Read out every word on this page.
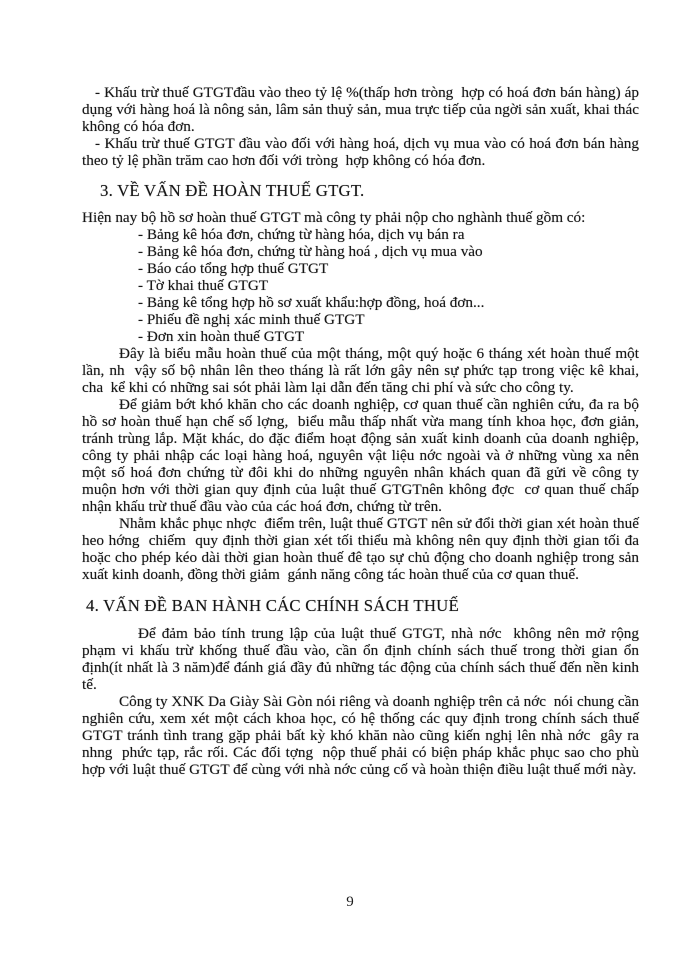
- Khấu trừ thuế GTGTđầu vào theo tỷ lệ %(thấp hơn tròng  hợp có hoá đơn bán hàng) áp dụng với hàng hoá là nông sản, lâm sản thuỷ sản, mua trực tiếp của ngời sản xuất, khai thác không có hóa đơn.

- Khấu trừ thuế GTGT đầu vào đối với hàng hoá, dịch vụ mua vào có hoá đơn bán hàng theo tỷ lệ phần trăm cao hơn đối với tròng  hợp không có hóa đơn.

3. VỀ VẤN ĐỀ HOÀN THUẾ GTGT.

Hiện nay bộ hồ sơ hoàn thuế GTGT mà công ty phải nộp cho nghành thuế gồm có:

- Bảng kê hóa đơn, chứng từ hàng hóa, dịch vụ bán ra
- Bảng kê hóa đơn, chứng từ hàng hoá , dịch vụ mua vào
- Báo cáo tổng hợp thuế GTGT
- Tờ khai thuế GTGT
- Bảng kê tổng hợp hồ sơ xuất khẩu:hợp đồng, hoá đơn...
- Phiếu đề nghị xác minh thuế GTGT
- Đơn xin hoàn thuế GTGT

Đây là biểu mẫu hoàn thuế của một tháng, một quý hoặc 6 tháng xét hoàn thuế một lần, nh  vậy số bộ nhân lên theo tháng là rất lớn gây nên sự phức tạp trong việc kê khai, cha  kể khi có những sai sót phải làm lại dẫn đến tăng chi phí và sức cho công ty.

Để giảm bớt khó khăn cho các doanh nghiệp, cơ quan thuế cần nghiên cứu, đa ra bộ hồ sơ hoàn thuế hạn chế số lợng,  biểu mẫu thấp nhất vừa mang tính khoa học, đơn giản, tránh trùng lắp. Mặt khác, do đặc điểm hoạt động sản xuất kinh doanh của doanh nghiệp, công ty phải nhập các loại hàng hoá, nguyên vật liệu nớc ngoài và ở những vùng xa nên một số hoá đơn chứng từ đôi khi do những nguyên nhân khách quan đã gửi về công ty muộn hơn với thời gian quy định của luật thuế GTGTnên không đợc  cơ quan thuế chấp nhận khấu trừ thuế đầu vào của các hoá đơn, chứng từ trên.

Nhằm khắc phục nhợc  điểm trên, luật thuế GTGT nên sử đổi thời gian xét hoàn thuế heo hớng  chiếm  quy định thời gian xét tối thiểu mà không nên quy định thời gian tối đa hoặc cho phép kéo dài thời gian hoàn thuế đê tạo sự chủ động cho doanh nghiệp trong sản xuất kinh doanh, đồng thời giảm  gánh năng công tác hoàn thuế của cơ quan thuế.

4. VẤN ĐỀ BAN HÀNH CÁC CHÍNH SÁCH THUẾ

Để đảm bảo tính trung lập của luật thuế GTGT, nhà nớc  không nên mở rộng phạm vi khấu trừ khống thuế đầu vào, cần ổn định chính sách thuế trong thời gian ổn định(ít nhất là 3 năm)để đánh giá đầy đủ những tác động của chính sách thuế đến nền kinh tế.

Công ty XNK Da Giày Sài Gòn nói riêng và doanh nghiệp trên cả nớc  nói chung cần nghiên cứu, xem xét một cách khoa học, có hệ thống các quy định trong chính sách thuế GTGT tránh tình trang gặp phải bất kỳ khó khăn nào cũng kiến nghị lên nhà nớc  gây ra nhng  phức tạp, rắc rối. Các đối tợng  nộp thuế phải có biện pháp khắc phục sao cho phù hợp với luật thuế GTGT để cùng với nhà nớc củng cố và hoàn thiện điều luật thuế mới này.

9
